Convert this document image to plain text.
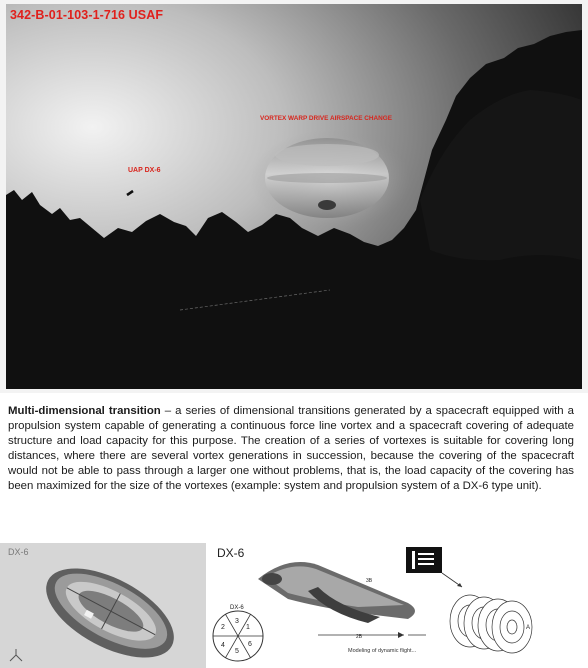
342-B-01-103-1-716 USAF
VORTEX WARP DRIVE AIRSPACE CHANGE
UAP DX-6
Multi-dimensional transition – a series of dimensional transitions generated by a spacecraft equipped with a propulsion system capable of generating a continuous force line vortex and a spacecraft covering of adequate structure and load capacity for this purpose. The creation of a series of vortexes is suitable for covering long distances, where there are several vortex generations in succession, because the covering of the spacecraft would not be able to pass through a larger one without problems, that is, the load capacity of the covering has been maximized for the size of the vortexes (example: system and propulsion system of a DX-6 type unit).
DX-6	DX-6
1
2
3
4
5
6
DX-6
3B
2B
A
Modeling of dynamic flight...
